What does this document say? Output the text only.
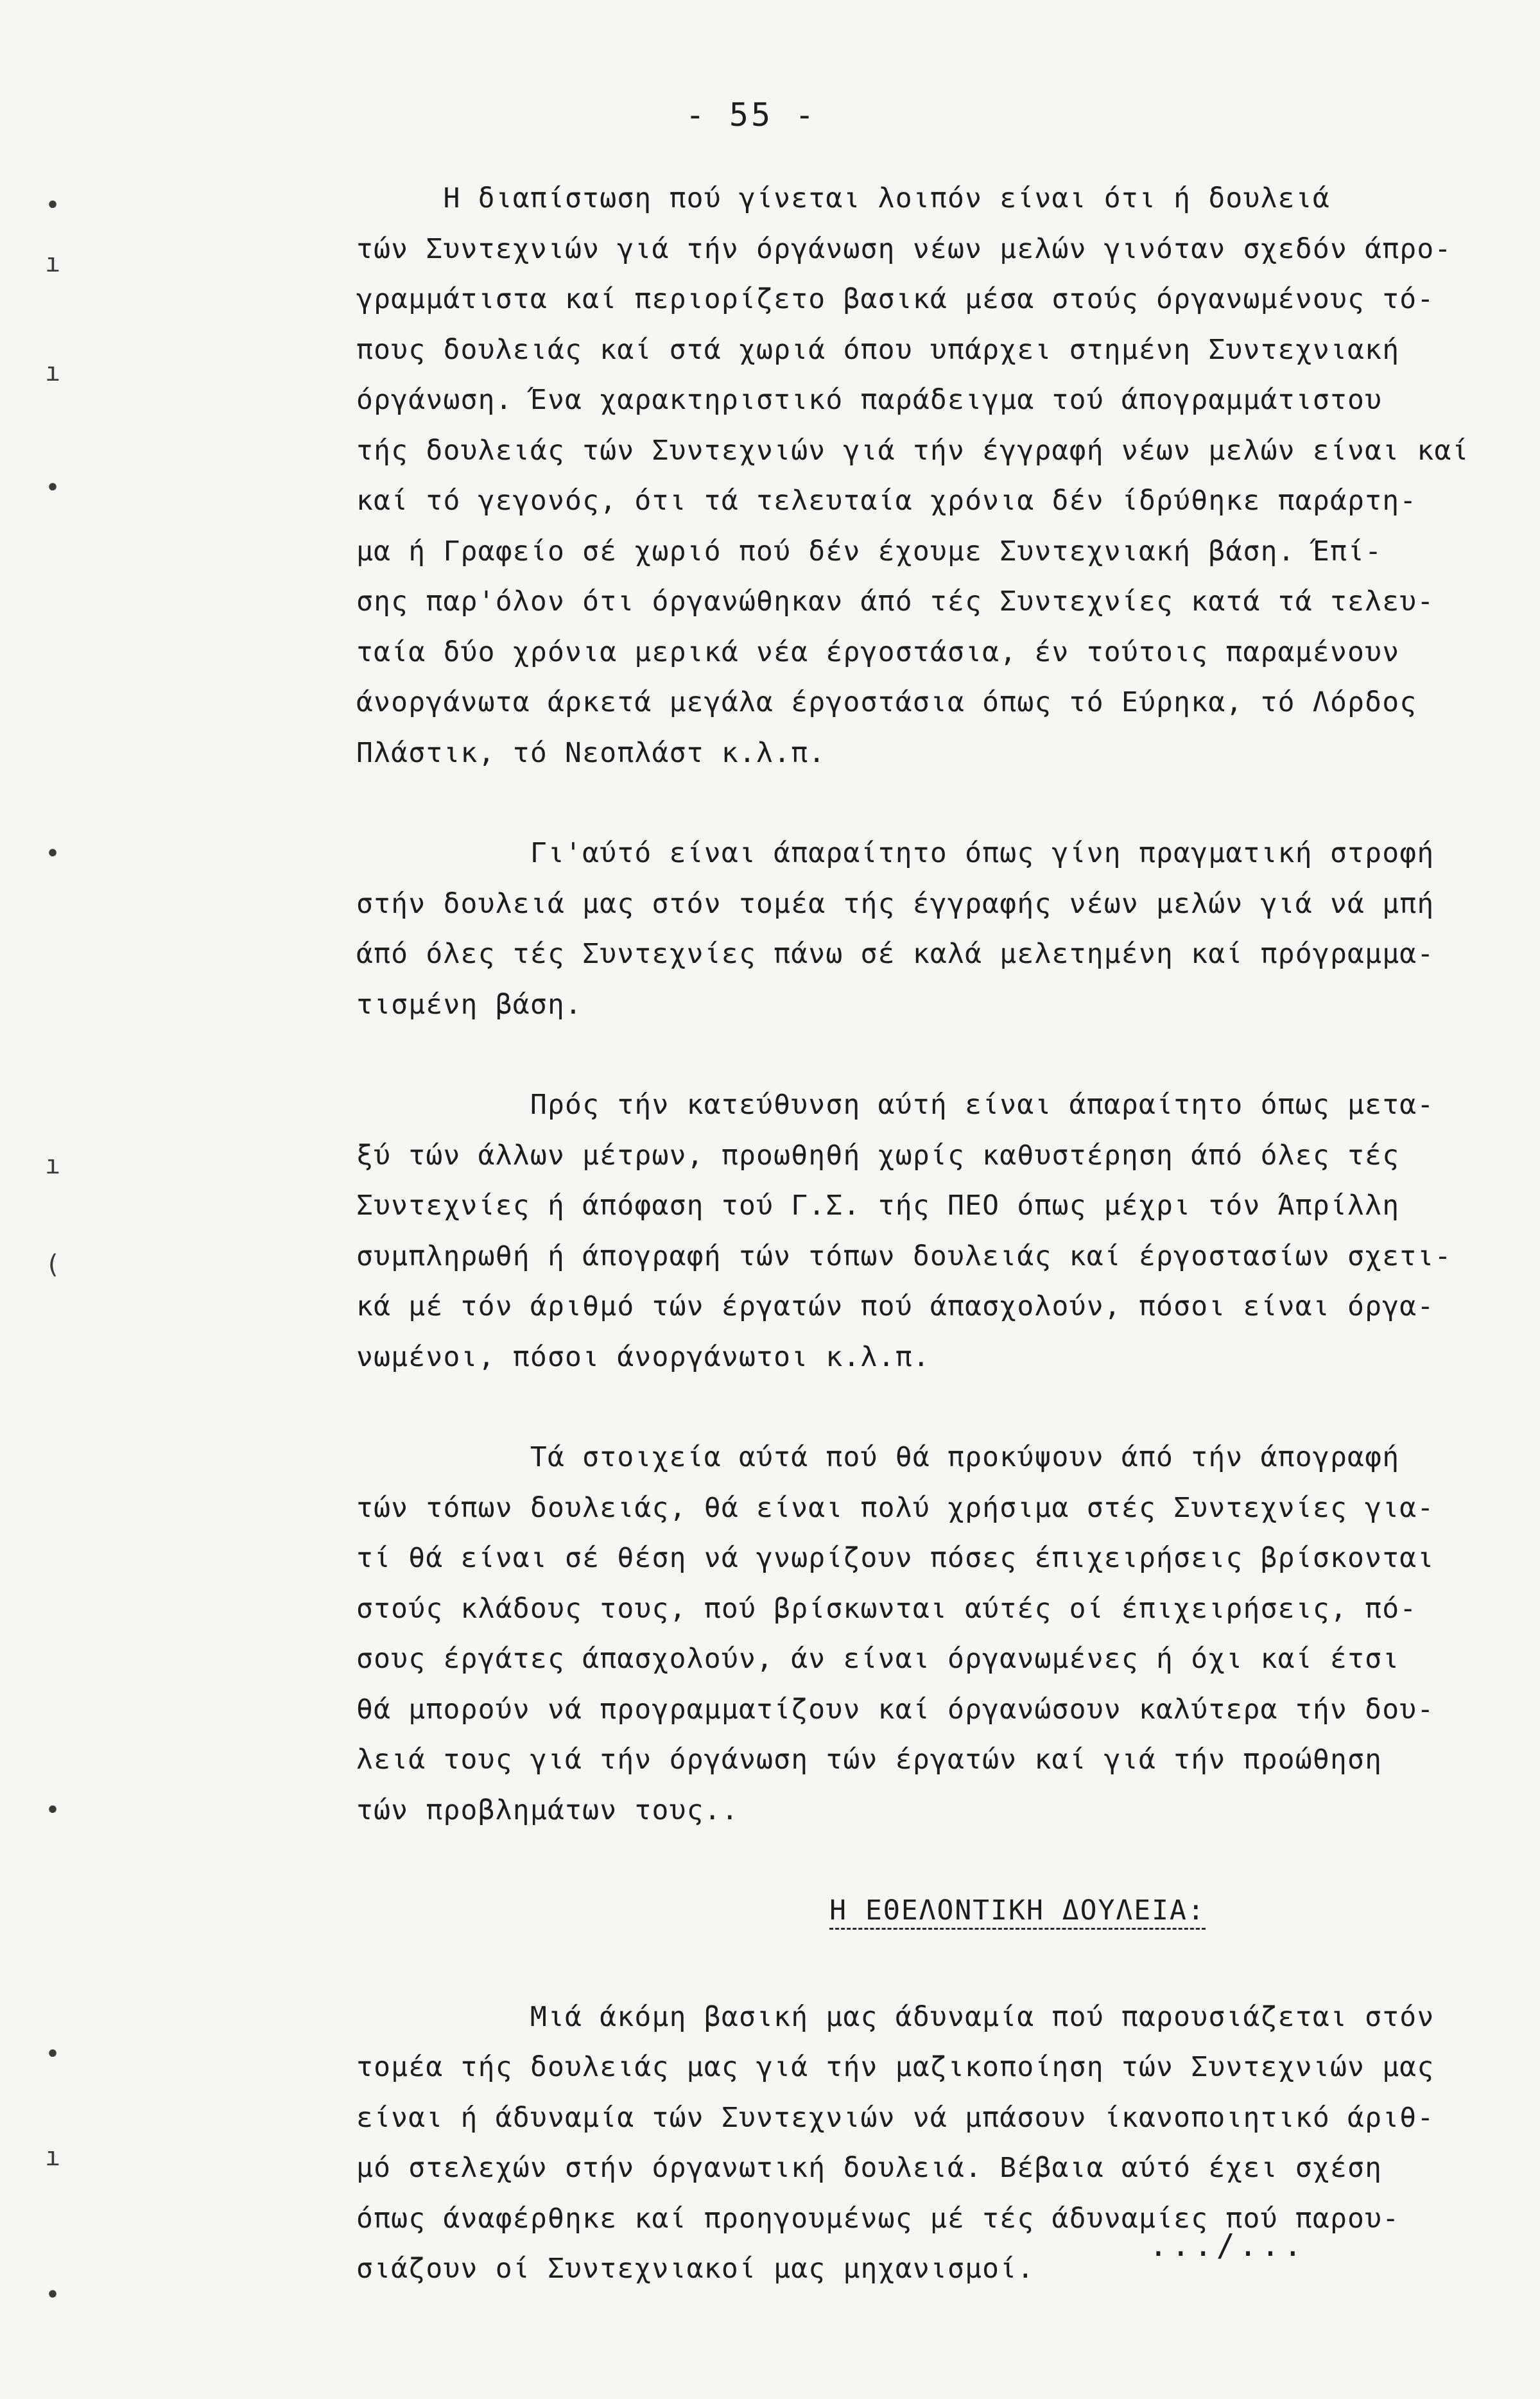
- 55 -
•
ı
ı
•
•
ı
(
•
•
ı
•
Η διαπίστωση πού γίνεται λοιπόν είναι ότι ή δουλειά
τών Συντεχνιών γιά τήν όργάνωση νέων μελών γινόταν σχεδόν άπρο-
γραμμάτιστα καί περιορίζετο βασικά μέσα στούς όργανωμένους τό-
πους δουλειάς καί στά χωριά όπου υπάρχει στημένη Συντεχνιακή
όργάνωση. Ένα χαρακτηριστικό παράδειγμα τού άπογραμμάτιστου
τής δουλειάς τών Συντεχνιών γιά τήν έγγραφή νέων μελών είναι καί
καί τό γεγονός, ότι τά τελευταία χρόνια δέν ίδρύθηκε παράρτη-
μα ή Γραφείο σέ χωριό πού δέν έχουμε Συντεχνιακή βάση. Έπί-
σης παρ'όλον ότι όργανώθηκαν άπό τές Συντεχνίες κατά τά τελευ-
ταία δύο χρόνια μερικά νέα έργοστάσια, έν τούτοις παραμένουν
άνοργάνωτα άρκετά μεγάλα έργοστάσια όπως τό Εύρηκα, τό Λόρδος
Πλάστικ, τό Νεοπλάστ κ.λ.π.
Γι'αύτό είναι άπαραίτητο όπως γίνη πραγματική στροφή
στήν δουλειά μας στόν τομέα τής έγγραφής νέων μελών γιά νά μπή
άπό όλες τές Συντεχνίες πάνω σέ καλά μελετημένη καί πρόγραμμα-
τισμένη βάση.
Πρός τήν κατεύθυνση αύτή είναι άπαραίτητο όπως μετα-
ξύ τών άλλων μέτρων, προωθηθή χωρίς καθυστέρηση άπό όλες τές
Συντεχνίες ή άπόφαση τού Γ.Σ. τής ΠΕΟ όπως μέχρι τόν Άπρίλλη
συμπληρωθή ή άπογραφή τών τόπων δουλειάς καί έργοστασίων σχετι-
κά μέ τόν άριθμό τών έργατών πού άπασχολούν, πόσοι είναι όργα-
νωμένοι, πόσοι άνοργάνωτοι κ.λ.π.
Τά στοιχεία αύτά πού θά προκύψουν άπό τήν άπογραφή
τών τόπων δουλειάς, θά είναι πολύ χρήσιμα στές Συντεχνίες για-
τί θά είναι σέ θέση νά γνωρίζουν πόσες έπιχειρήσεις βρίσκονται
στούς κλάδους τους, πού βρίσκωνται αύτές οί έπιχειρήσεις, πό-
σους έργάτες άπασχολούν, άν είναι όργανωμένες ή όχι καί έτσι
θά μπορούν νά προγραμματίζουν καί όργανώσουν καλύτερα τήν δου-
λειά τους γιά τήν όργάνωση τών έργατών καί γιά τήν προώθηση
τών προβλημάτων τους..
Η ΕΘΕΛΟΝΤΙΚΗ ΔΟΥΛΕΙΑ:
Μιά άκόμη βασική μας άδυναμία πού παρουσιάζεται στόν
τομέα τής δουλειάς μας γιά τήν μαζικοποίηση τών Συντεχνιών μας
είναι ή άδυναμία τών Συντεχνιών νά μπάσουν ίκανοποιητικό άριθ-
μό στελεχών στήν όργανωτική δουλειά. Βέβαια αύτό έχει σχέση
όπως άναφέρθηκε καί προηγουμένως μέ τές άδυναμίες πού παρου-
σιάζουν οί Συντεχνιακοί μας μηχανισμοί.
.../...
